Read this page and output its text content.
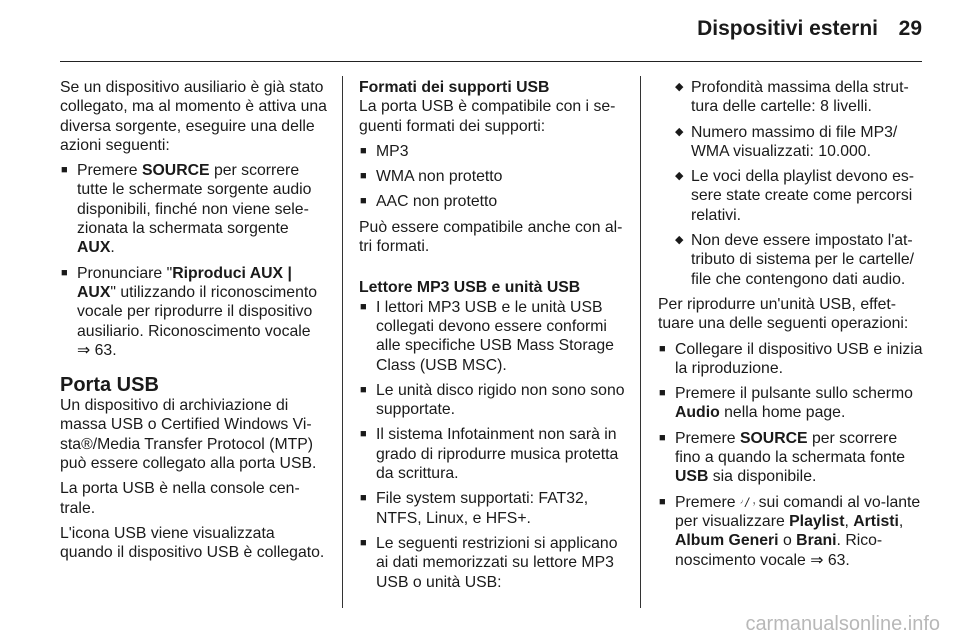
Dispositivi esterni 29

Se un dispositivo ausiliario è già stato collegato, ma al momento è attiva una diversa sorgente, eseguire una delle azioni seguenti:

■ Premere SOURCE per scorrere tutte le schermate sorgente audio disponibili, finché non viene sele-zionata la schermata sorgente AUX.
■ Pronunciare "Riproduci AUX | AUX" utilizzando il riconoscimento vocale per riprodurre il dispositivo ausiliario. Riconoscimento vocale ⇒ 63.
Porta USB

Un dispositivo di archiviazione di massa USB o Certified Windows Vi-sta®/Media Transfer Protocol (MTP) può essere collegato alla porta USB.

La porta USB è nella console cen-trale.

L'icona USB viene visualizzata quando il dispositivo USB è collegato.

Formati dei supporti USB

La porta USB è compatibile con i se-guenti formati dei supporti:

■ MP3
■ WMA non protetto
■ AAC non protetto

Può essere compatibile anche con al-tri formati.

Lettore MP3 USB e unità USB

■ I lettori MP3 USB e le unità USB collegati devono essere conformi alle specifiche USB Mass Storage Class (USB MSC).
■ Le unità disco rigido non sono sono supportate.
■ Il sistema Infotainment non sarà in grado di riprodurre musica protetta da scrittura.
■ File system supportati: FAT32, NTFS, Linux, e HFS+.
■ Le seguenti restrizioni si applicano ai dati memorizzati su lettore MP3 USB o unità USB:
◆ Profondità massima della strut-tura delle cartelle: 8 livelli.
◆ Numero massimo di file MP3/ WMA visualizzati: 10.000.
◆ Le voci della playlist devono es-sere state create come percorsi relativi.
◆ Non deve essere impostato l'at-tributo di sistema per le cartelle/ file che contengono dati audio.

Per riprodurre un'unità USB, effet-tuare una delle seguenti operazioni:

■ Collegare il dispositivo USB e inizia la riproduzione.
■ Premere il pulsante sullo schermo Audio nella home page.
■ Premere SOURCE per scorrere fino a quando la schermata fonte USB sia disponibile.
■ Premere 𝆞 / 𝆟 sui comandi al vo-lante per visualizzare Playlist, Artisti, Album Generi o Brani. Rico-noscimento vocale ⇒ 63.
carmanualsonline.info
